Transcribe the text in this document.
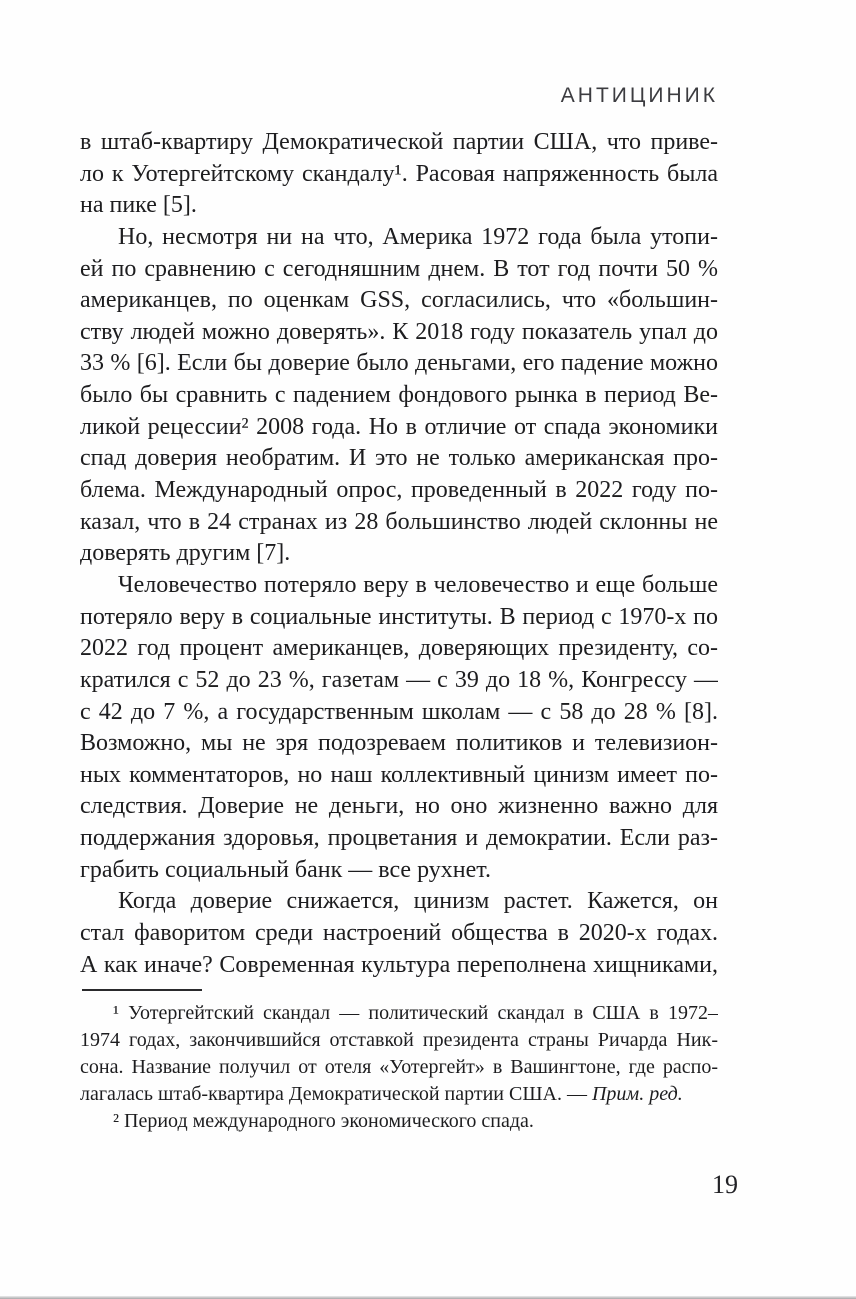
АНТИЦИНИК
в штаб-квартиру Демократической партии США, что приве-
ло к Уотергейтскому скандалу¹. Расовая напряженность была
на пике [5].
Но, несмотря ни на что, Америка 1972 года была утопи-
ей по сравнению с сегодняшним днем. В тот год почти 50 %
американцев, по оценкам GSS, согласились, что «большин-
ству людей можно доверять». К 2018 году показатель упал до
33 % [6]. Если бы доверие было деньгами, его падение можно
было бы сравнить с падением фондового рынка в период Ве-
ликой рецессии² 2008 года. Но в отличие от спада экономики
спад доверия необратим. И это не только американская про-
блема. Международный опрос, проведенный в 2022 году по-
казал, что в 24 странах из 28 большинство людей склонны не
доверять другим [7].
Человечество потеряло веру в человечество и еще больше
потеряло веру в социальные институты. В период с 1970-х по
2022 год процент американцев, доверяющих президенту, со-
кратился с 52 до 23 %, газетам — с 39 до 18 %, Конгрессу —
с 42 до 7 %, а государственным школам — с 58 до 28 % [8].
Возможно, мы не зря подозреваем политиков и телевизион-
ных комментаторов, но наш коллективный цинизм имеет по-
следствия. Доверие не деньги, но оно жизненно важно для
поддержания здоровья, процветания и демократии. Если раз-
грабить социальный банк — все рухнет.
Когда доверие снижается, цинизм растет. Кажется, он
стал фаворитом среди настроений общества в 2020-х годах.
А как иначе? Современная культура переполнена хищниками,
¹ Уотергейтский скандал — политический скандал в США в 1972–
1974 годах, закончившийся отставкой президента страны Ричарда Ник-
сона. Название получил от отеля «Уотергейт» в Вашингтоне, где распо-
лагалась штаб-квартира Демократической партии США. — Прим. ред.
² Период международного экономического спада.
19
